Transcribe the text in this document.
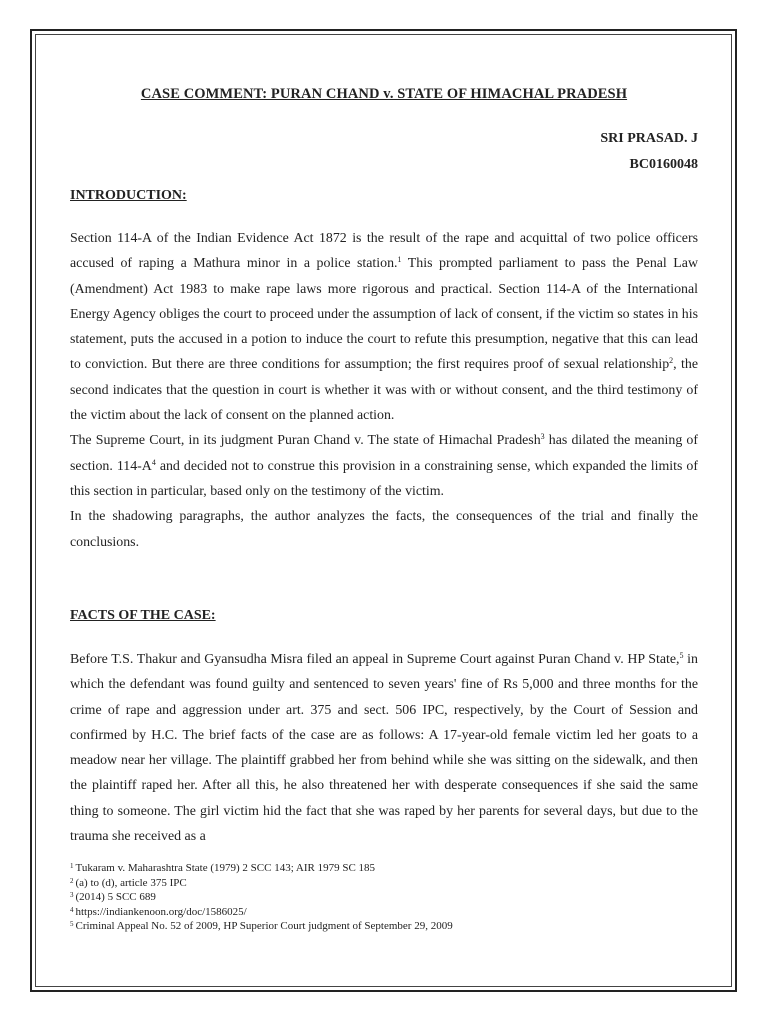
CASE COMMENT: PURAN CHAND v. STATE OF HIMACHAL PRADESH
SRI PRASAD. J
BC0160048
INTRODUCTION:

Section 114-A of the Indian Evidence Act 1872 is the result of the rape and acquittal of two police officers accused of raping a Mathura minor in a police station.$^1$ This prompted parliament to pass the Penal Law (Amendment) Act 1983 to make rape laws more rigorous and practical. Section 114-A of the International Energy Agency obliges the court to proceed under the assumption of lack of consent, if the victim so states in his statement, puts the accused in a potion to induce the court to refute this presumption, negative that this can lead to conviction. But there are three conditions for assumption; the first requires proof of sexual relationship$^2$, the second indicates that the question in court is whether it was with or without consent, and the third testimony of the victim about the lack of consent on the planned action.

The Supreme Court, in its judgment Puran Chand v. The state of Himachal Pradesh$^3$ has dilated the meaning of section. $114-A^4$ and decided not to construe this provision in a constraining sense, which expanded the limits of this section in particular, based only on the testimony of the victim.

In the shadowing paragraphs, the author analyzes the facts, the consequences of the trial and finally the conclusions.

FACTS OF THE CASE:

Before T.S. Thakur and Gyansudha Misra filed an appeal in Supreme Court against Puran Chand v. HP State,$^5$ in which the defendant was found guilty and sentenced to seven years' fine of Rs 5,000 and three months for the crime of rape and aggression under art. 375 and sect. 506 IPC, respectively, by the Court of Session and confirmed by H.C. The brief facts of the case are as follows: A 17-year-old female victim led her goats to a meadow near her village. The plaintiff grabbed her from behind while she was sitting on the sidewalk, and then the plaintiff raped her. After all this, he also threatened her with desperate consequences if she said the same thing to someone. The girl victim hid the fact that she was raped by her parents for several days, but due to the trauma she received as a

$^1$ Tukaram v. Maharashtra State (1979) 2 SCC 143; AIR 1979 SC 185

$^2$ (a) to (d), article 375 IPC

$^3$ (2014) 5 SCC 689

$^4$ https://indiankenoon.org/doc/1586025/

$^5$ Criminal Appeal No. 52 of 2009, HP Superior Court judgment of September 29, 2009
